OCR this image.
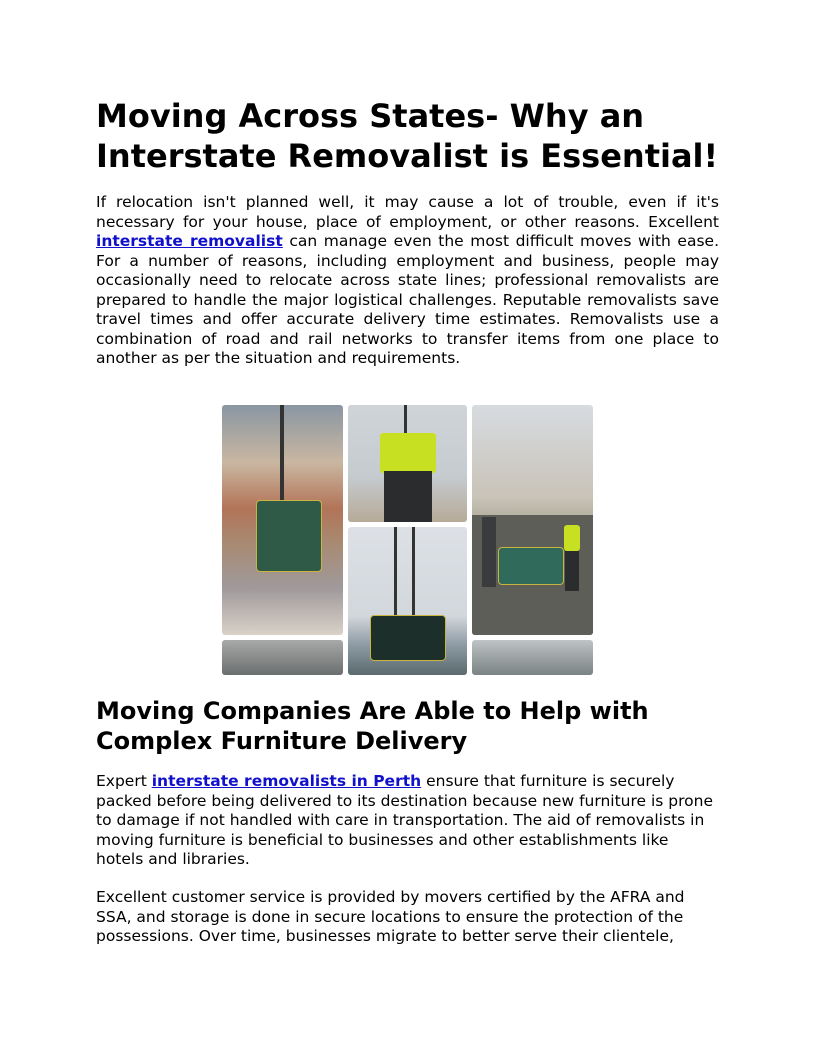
Moving Across States- Why an Interstate Removalist is Essential!

If relocation isn't planned well, it may cause a lot of trouble, even if it's necessary for your house, place of employment, or other reasons. Excellent interstate removalist can manage even the most difficult moves with ease. For a number of reasons, including employment and business, people may occasionally need to relocate across state lines; professional removalists are prepared to handle the major logistical challenges. Reputable removalists save travel times and offer accurate delivery time estimates. Removalists use a combination of road and rail networks to transfer items from one place to another as per the situation and requirements.

Moving Companies Are Able to Help with Complex Furniture Delivery

Expert interstate removalists in Perth ensure that furniture is securely packed before being delivered to its destination because new furniture is prone to damage if not handled with care in transportation. The aid of removalists in moving furniture is beneficial to businesses and other establishments like hotels and libraries.

Excellent customer service is provided by movers certified by the AFRA and SSA, and storage is done in secure locations to ensure the protection of the possessions. Over time, businesses migrate to better serve their clientele,
